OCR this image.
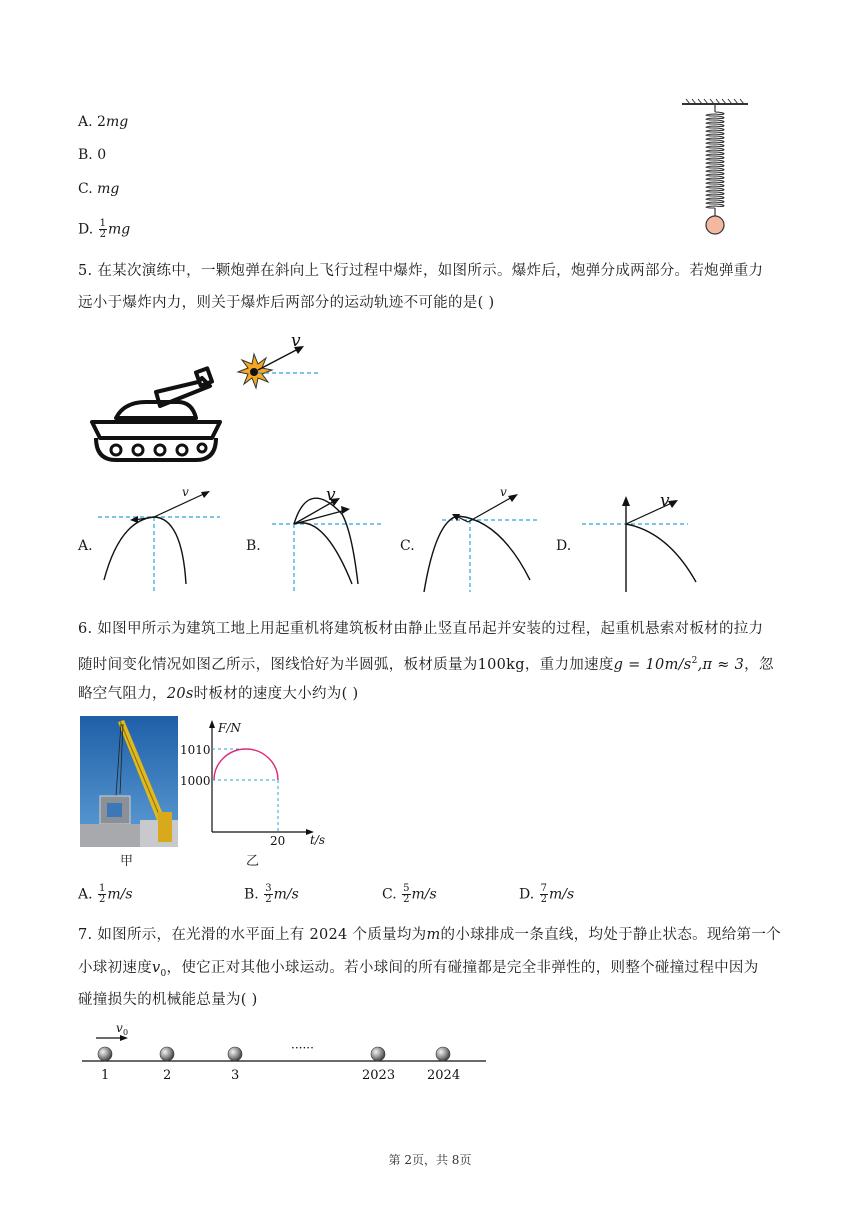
A. 2mg
B. 0
C. mg
D. $\frac{1}{2}$ mg
5. 在某次演练中，一颗炮弹在斜向上飞行过程中爆炸，如图所示。爆炸后，炮弹分成两部分。若炮弹重力
远小于爆炸内力，则关于爆炸后两部分的运动轨迹不可能的是( )
v
A.
v
B.
v
C.
v
D.
v
6. 如图甲所示为建筑工地上用起重机将建筑板材由静止竖直吊起并安装的过程，起重机悬索对板材的拉力
随时间变化情况如图乙所示，图线恰好为半圆弧，板材质量为100kg，重力加速度$g = 10m/s^2,\pi \approx 3$，忽
略空气阻力，20s时板材的速度大小约为( )
甲
F/N
t/s
1010
1000
20
乙
A. $\frac{1}{2} m/s$	B. $\frac{3}{2} m/s$	C. $\frac{5}{2} m/s$	D. $\frac{7}{2} m/s$
7. 如图所示，在光滑的水平面上有 2024 个质量均为m的小球排成一条直线，均处于静止状态。现给第一个
小球初速度$v_0$，使它正对其他小球运动。若小球间的所有碰撞都是完全非弹性的，则整个碰撞过程中因为
碰撞损失的机械能总量为( )
v 0
······
1	2	3	2023 2024
第 2页，共 8页
